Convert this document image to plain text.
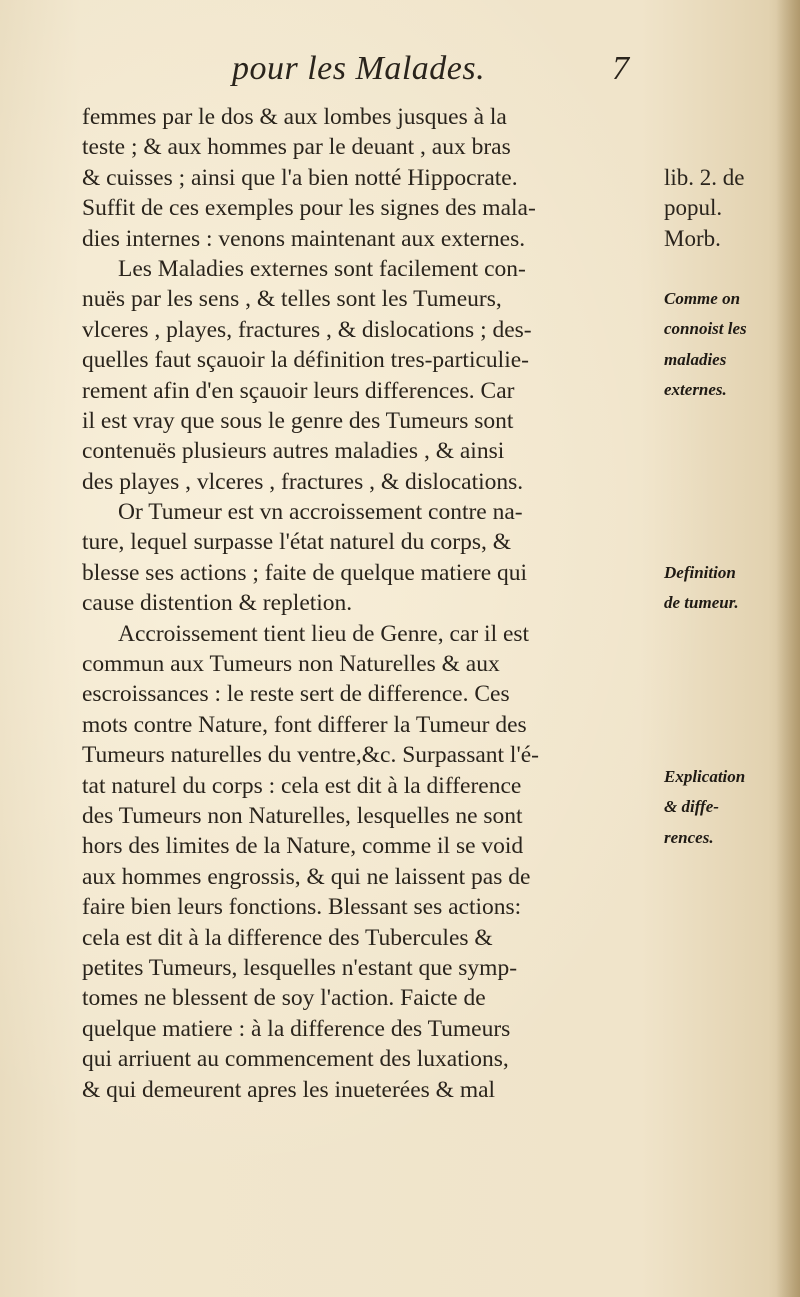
pour les Malades.	7
femmes par le dos & aux lombes jusques à la
teste ; & aux hommes par le deuant , aux bras
& cuisses ; ainsi que l'a bien notté Hippocrate.
Suffit de ces exemples pour les signes des mala-
dies internes : venons maintenant aux externes.
Les Maladies externes sont facilement con-
nuës par les sens , & telles sont les Tumeurs,
vlceres , playes, fractures , & dislocations ; des-
quelles faut sçauoir la définition tres-particulie-
rement afin d'en sçauoir leurs differences. Car
il est vray que sous le genre des Tumeurs sont
contenuës plusieurs autres maladies , & ainsi
des playes , vlceres , fractures , & dislocations.
Or Tumeur est vn accroissement contre na-
ture, lequel surpasse l'état naturel du corps, &
blesse ses actions ; faite de quelque matiere qui
cause distention & repletion.
Accroissement tient lieu de Genre, car il est
commun aux Tumeurs non Naturelles & aux
escroissances : le reste sert de difference. Ces
mots contre Nature, font differer la Tumeur des
Tumeurs naturelles du ventre,&c. Surpassant l'é-
tat naturel du corps : cela est dit à la difference
des Tumeurs non Naturelles, lesquelles ne sont
hors des limites de la Nature, comme il se void
aux hommes engrossis, & qui ne laissent pas de
faire bien leurs fonctions. Blessant ses actions:
cela est dit à la difference des Tubercules &
petites Tumeurs, lesquelles n'estant que symp-
tomes ne blessent de soy l'action. Faicte de
quelque matiere : à la difference des Tumeurs
qui arriuent au commencement des luxations,
& qui demeurent apres les inueterées & mal
lib. 2. de
popul.
Morb.
Comme on
connoist les
maladies
externes.
Definition
de tumeur.
Explication
& diffe-
rences.
